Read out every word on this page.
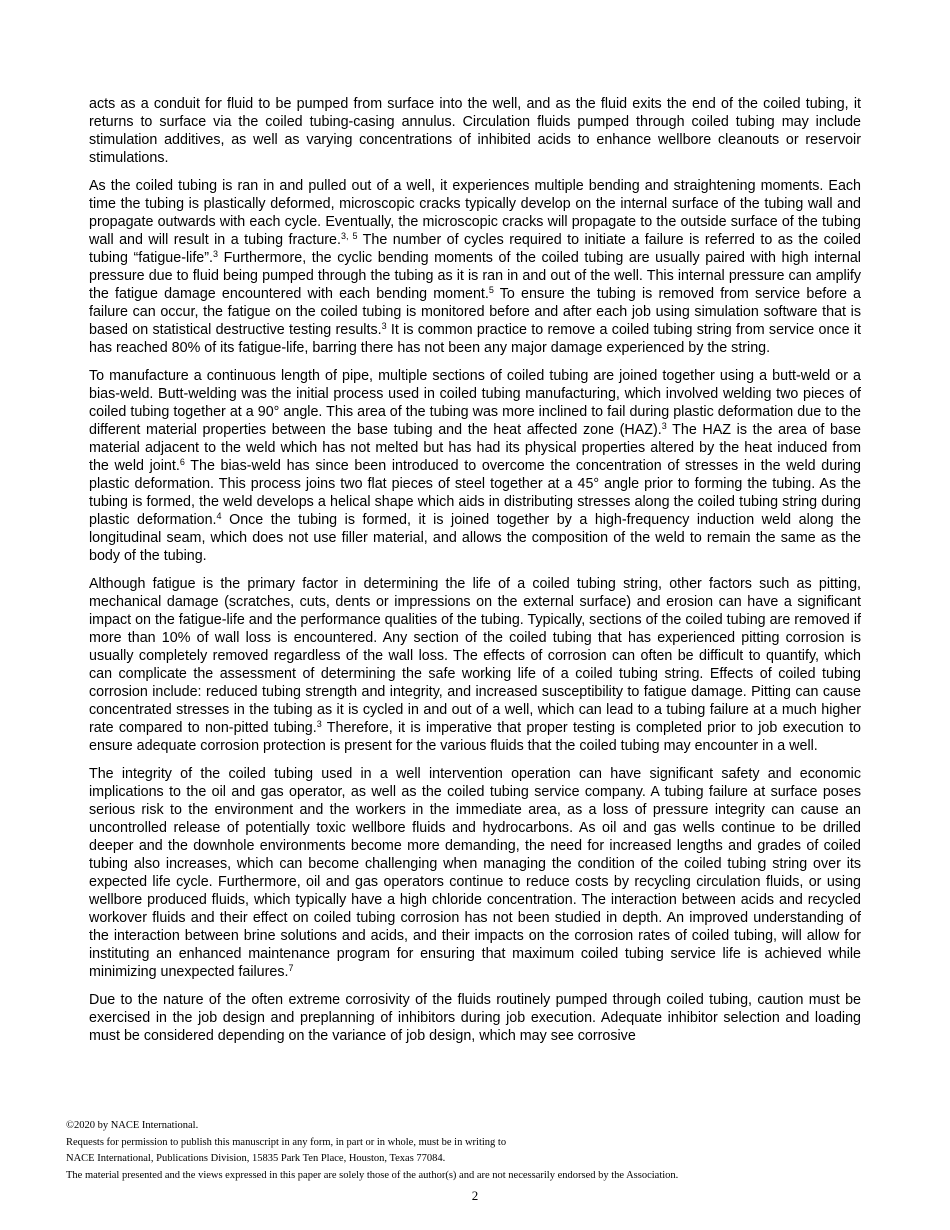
acts as a conduit for fluid to be pumped from surface into the well, and as the fluid exits the end of the coiled tubing, it returns to surface via the coiled tubing-casing annulus. Circulation fluids pumped through coiled tubing may include stimulation additives, as well as varying concentrations of inhibited acids to enhance wellbore cleanouts or reservoir stimulations.

As the coiled tubing is ran in and pulled out of a well, it experiences multiple bending and straightening moments. Each time the tubing is plastically deformed, microscopic cracks typically develop on the internal surface of the tubing wall and propagate outwards with each cycle. Eventually, the microscopic cracks will propagate to the outside surface of the tubing wall and will result in a tubing fracture.$^{3, 5}$ The number of cycles required to initiate a failure is referred to as the coiled tubing “fatigue-life”.$^3$ Furthermore, the cyclic bending moments of the coiled tubing are usually paired with high internal pressure due to fluid being pumped through the tubing as it is ran in and out of the well. This internal pressure can amplify the fatigue damage encountered with each bending moment.$^5$ To ensure the tubing is removed from service before a failure can occur, the fatigue on the coiled tubing is monitored before and after each job using simulation software that is based on statistical destructive testing results.$^3$ It is common practice to remove a coiled tubing string from service once it has reached 80% of its fatigue-life, barring there has not been any major damage experienced by the string.

To manufacture a continuous length of pipe, multiple sections of coiled tubing are joined together using a butt-weld or a bias-weld. Butt-welding was the initial process used in coiled tubing manufacturing, which involved welding two pieces of coiled tubing together at a 90° angle. This area of the tubing was more inclined to fail during plastic deformation due to the different material properties between the base tubing and the heat affected zone (HAZ).$^3$ The HAZ is the area of base material adjacent to the weld which has not melted but has had its physical properties altered by the heat induced from the weld joint.$^6$ The bias-weld has since been introduced to overcome the concentration of stresses in the weld during plastic deformation. This process joins two flat pieces of steel together at a 45° angle prior to forming the tubing. As the tubing is formed, the weld develops a helical shape which aids in distributing stresses along the coiled tubing string during plastic deformation.$^4$ Once the tubing is formed, it is joined together by a high-frequency induction weld along the longitudinal seam, which does not use filler material, and allows the composition of the weld to remain the same as the body of the tubing.

Although fatigue is the primary factor in determining the life of a coiled tubing string, other factors such as pitting, mechanical damage (scratches, cuts, dents or impressions on the external surface) and erosion can have a significant impact on the fatigue-life and the performance qualities of the tubing. Typically, sections of the coiled tubing are removed if more than 10% of wall loss is encountered. Any section of the coiled tubing that has experienced pitting corrosion is usually completely removed regardless of the wall loss. The effects of corrosion can often be difficult to quantify, which can complicate the assessment of determining the safe working life of a coiled tubing string. Effects of coiled tubing corrosion include: reduced tubing strength and integrity, and increased susceptibility to fatigue damage. Pitting can cause concentrated stresses in the tubing as it is cycled in and out of a well, which can lead to a tubing failure at a much higher rate compared to non-pitted tubing.$^3$ Therefore, it is imperative that proper testing is completed prior to job execution to ensure adequate corrosion protection is present for the various fluids that the coiled tubing may encounter in a well.

The integrity of the coiled tubing used in a well intervention operation can have significant safety and economic implications to the oil and gas operator, as well as the coiled tubing service company. A tubing failure at surface poses serious risk to the environment and the workers in the immediate area, as a loss of pressure integrity can cause an uncontrolled release of potentially toxic wellbore fluids and hydrocarbons. As oil and gas wells continue to be drilled deeper and the downhole environments become more demanding, the need for increased lengths and grades of coiled tubing also increases, which can become challenging when managing the condition of the coiled tubing string over its expected life cycle. Furthermore, oil and gas operators continue to reduce costs by recycling circulation fluids, or using wellbore produced fluids, which typically have a high chloride concentration. The interaction between acids and recycled workover fluids and their effect on coiled tubing corrosion has not been studied in depth. An improved understanding of the interaction between brine solutions and acids, and their impacts on the corrosion rates of coiled tubing, will allow for instituting an enhanced maintenance program for ensuring that maximum coiled tubing service life is achieved while minimizing unexpected failures.$^7$

Due to the nature of the often extreme corrosivity of the fluids routinely pumped through coiled tubing, caution must be exercised in the job design and preplanning of inhibitors during job execution. Adequate inhibitor selection and loading must be considered depending on the variance of job design, which may see corrosive

©2020 by NACE International.
Requests for permission to publish this manuscript in any form, in part or in whole, must be in writing to
NACE International, Publications Division, 15835 Park Ten Place, Houston, Texas 77084.
The material presented and the views expressed in this paper are solely those of the author(s) and are not necessarily endorsed by the Association.
2
